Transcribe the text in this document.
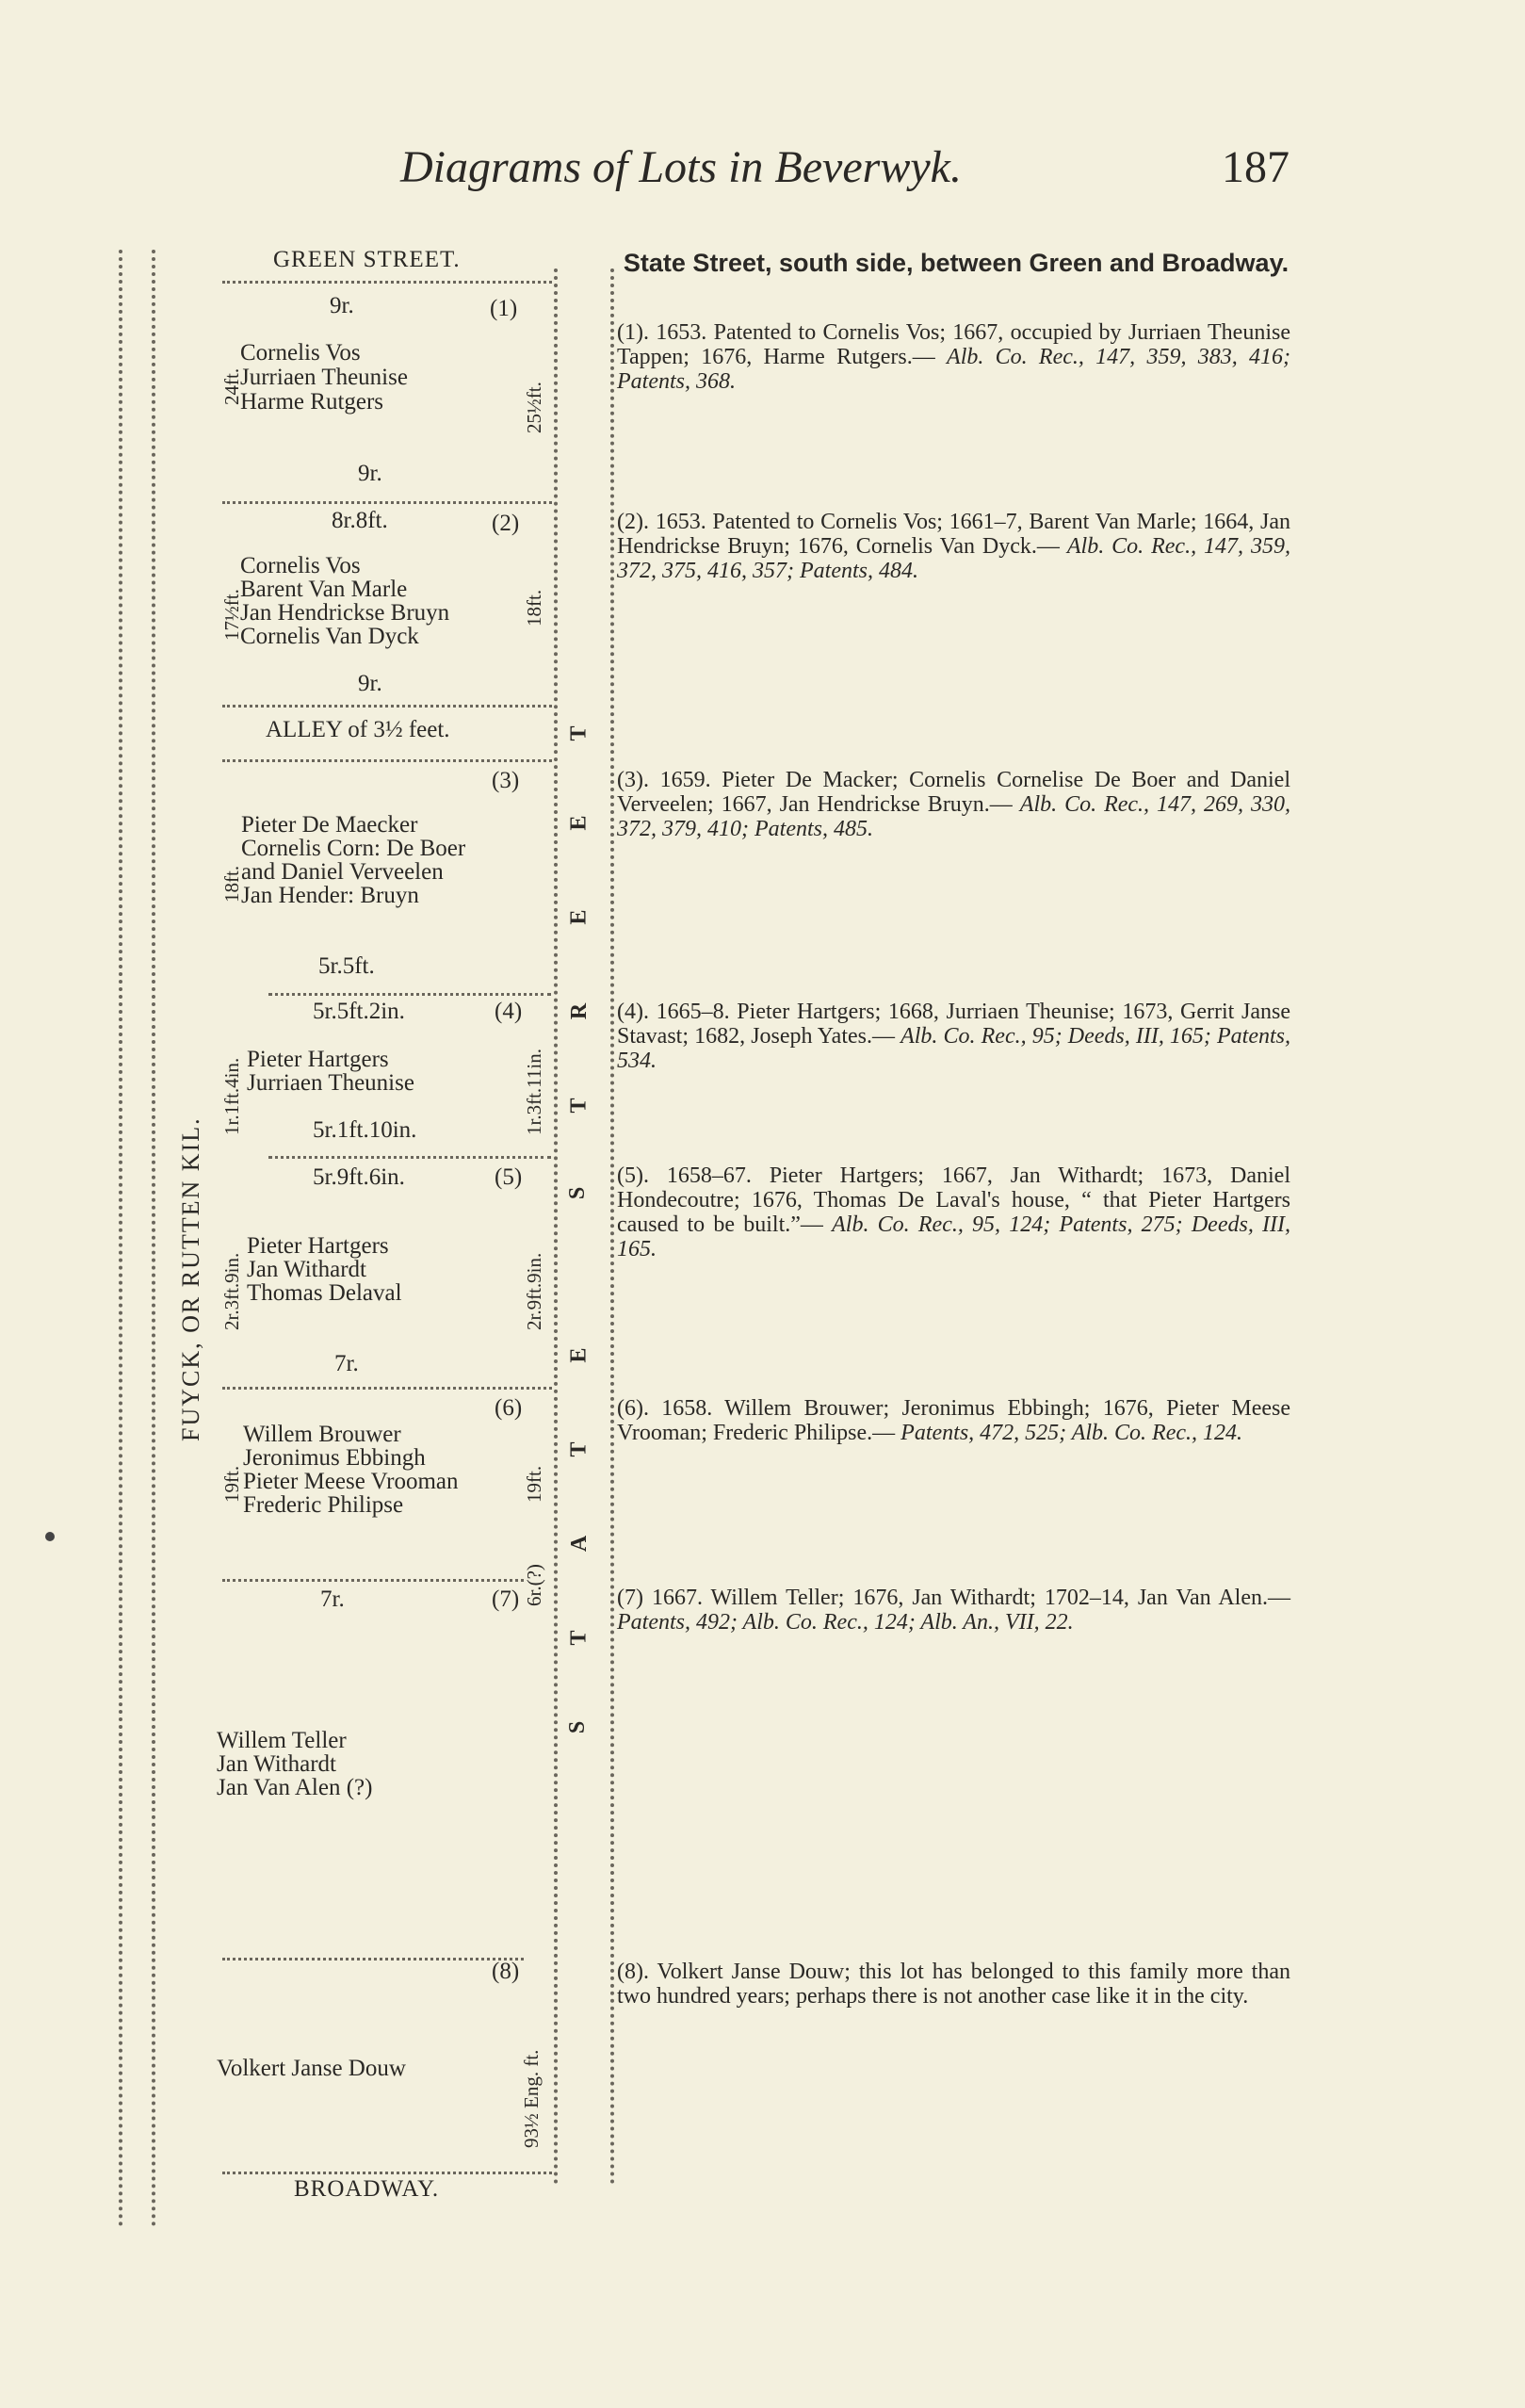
Diagrams of Lots in Beverwyk.	187
FUYCK, OR RUTTEN KIL.
GREEN STREET.
9r.	(1)
Cornelis Vos
Jurriaen Theunise
Harme Rutgers
24ft.	25½ft.
9r.
8r.8ft.	(2)
Cornelis Vos
Barent Van Marle
Jan Hendrickse Bruyn
Cornelis Van Dyck
17½ft.	18ft.
9r.
ALLEY of 3½ feet.
(3)
Pieter De Maecker
Cornelis Corn: De Boer
and Daniel Verveelen
Jan Hender: Bruyn
18ft.
5r.5ft.
5r.5ft.2in.	(4)
Pieter Hartgers
Jurriaen Theunise
1r.1ft.4in.	1r.3ft.11in.
5r.1ft.10in.
5r.9ft.6in.	(5)
Pieter Hartgers
Jan Withardt
Thomas Delaval
2r.3ft.9in.	2r.9ft.9in.
7r.
(6)
Willem Brouwer
Jeronimus Ebbingh
Pieter Meese Vrooman
Frederic Philipse
19ft.	19ft.
6r.(?)
7r.	(7)
Willem Teller
Jan Withardt
Jan Van Alen (?)
(8)
Volkert Janse Douw	93½ Eng. ft.
BROADWAY.
S
T
A
T
E
S
T
R
E
E
T
State Street, south side, between Green and Broadway.
(1). 1653. Patented to Cornelis Vos; 1667, occupied by Jurriaen Theunise Tappen; 1676, Harme Rutgers.— Alb. Co. Rec., 147, 359, 383, 416; Patents, 368.
(2). 1653. Patented to Cornelis Vos; 1661–7, Barent Van Marle; 1664, Jan Hendrickse Bruyn; 1676, Cornelis Van Dyck.— Alb. Co. Rec., 147, 359, 372, 375, 416, 357; Patents, 484.
(3). 1659. Pieter De Macker; Cornelis Cornelise De Boer and Daniel Verveelen; 1667, Jan Hendrickse Bruyn.— Alb. Co. Rec., 147, 269, 330, 372, 379, 410; Patents, 485.
(4). 1665–8. Pieter Hartgers; 1668, Jurriaen Theunise; 1673, Gerrit Janse Stavast; 1682, Joseph Yates.— Alb. Co. Rec., 95; Deeds, III, 165; Patents, 534.
(5). 1658–67. Pieter Hartgers; 1667, Jan Withardt; 1673, Daniel Hondecoutre; 1676, Thomas De Laval's house, “ that Pieter Hartgers caused to be built.”— Alb. Co. Rec., 95, 124; Patents, 275; Deeds, III, 165.
(6). 1658. Willem Brouwer; Jeronimus Ebbingh; 1676, Pieter Meese Vrooman; Frederic Philipse.— Patents, 472, 525; Alb. Co. Rec., 124.
(7) 1667. Willem Teller; 1676, Jan Withardt; 1702–14, Jan Van Alen.— Patents, 492; Alb. Co. Rec., 124; Alb. An., VII, 22.
(8). Volkert Janse Douw; this lot has belonged to this family more than two hundred years; perhaps there is not another case like it in the city.
